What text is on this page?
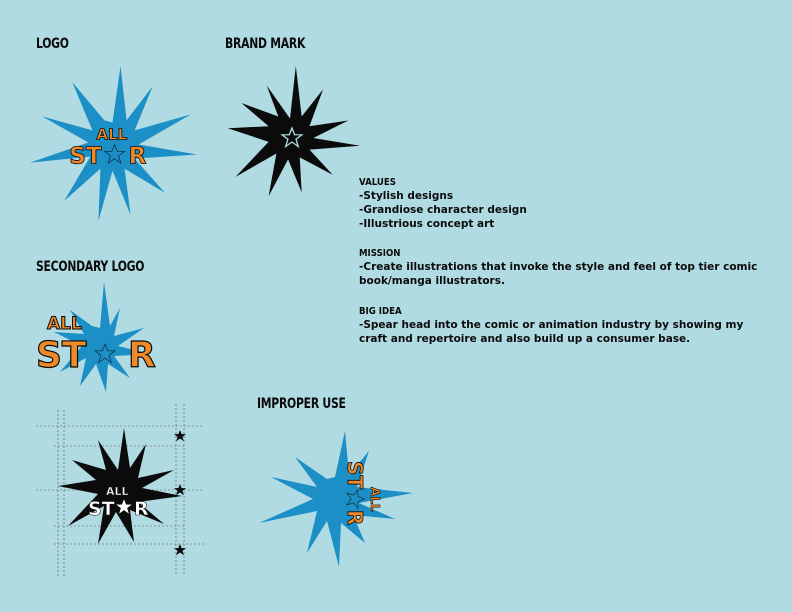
LOGO	BRAND MARK
SECONDARY LOGO
IMPROPER USE
ALL
ST R
ALL
ST R
ALL
ST R
ST
R
ALL
VALUES

-Stylish designs

-Grandiose character design

-Illustrious concept art

MISSION

-Create illustrations that invoke the style and feel of top tier comic book/manga illustrators.

BIG IDEA

-Spear head into the comic or animation industry by showing my craft and repertoire and also build up a consumer base.
